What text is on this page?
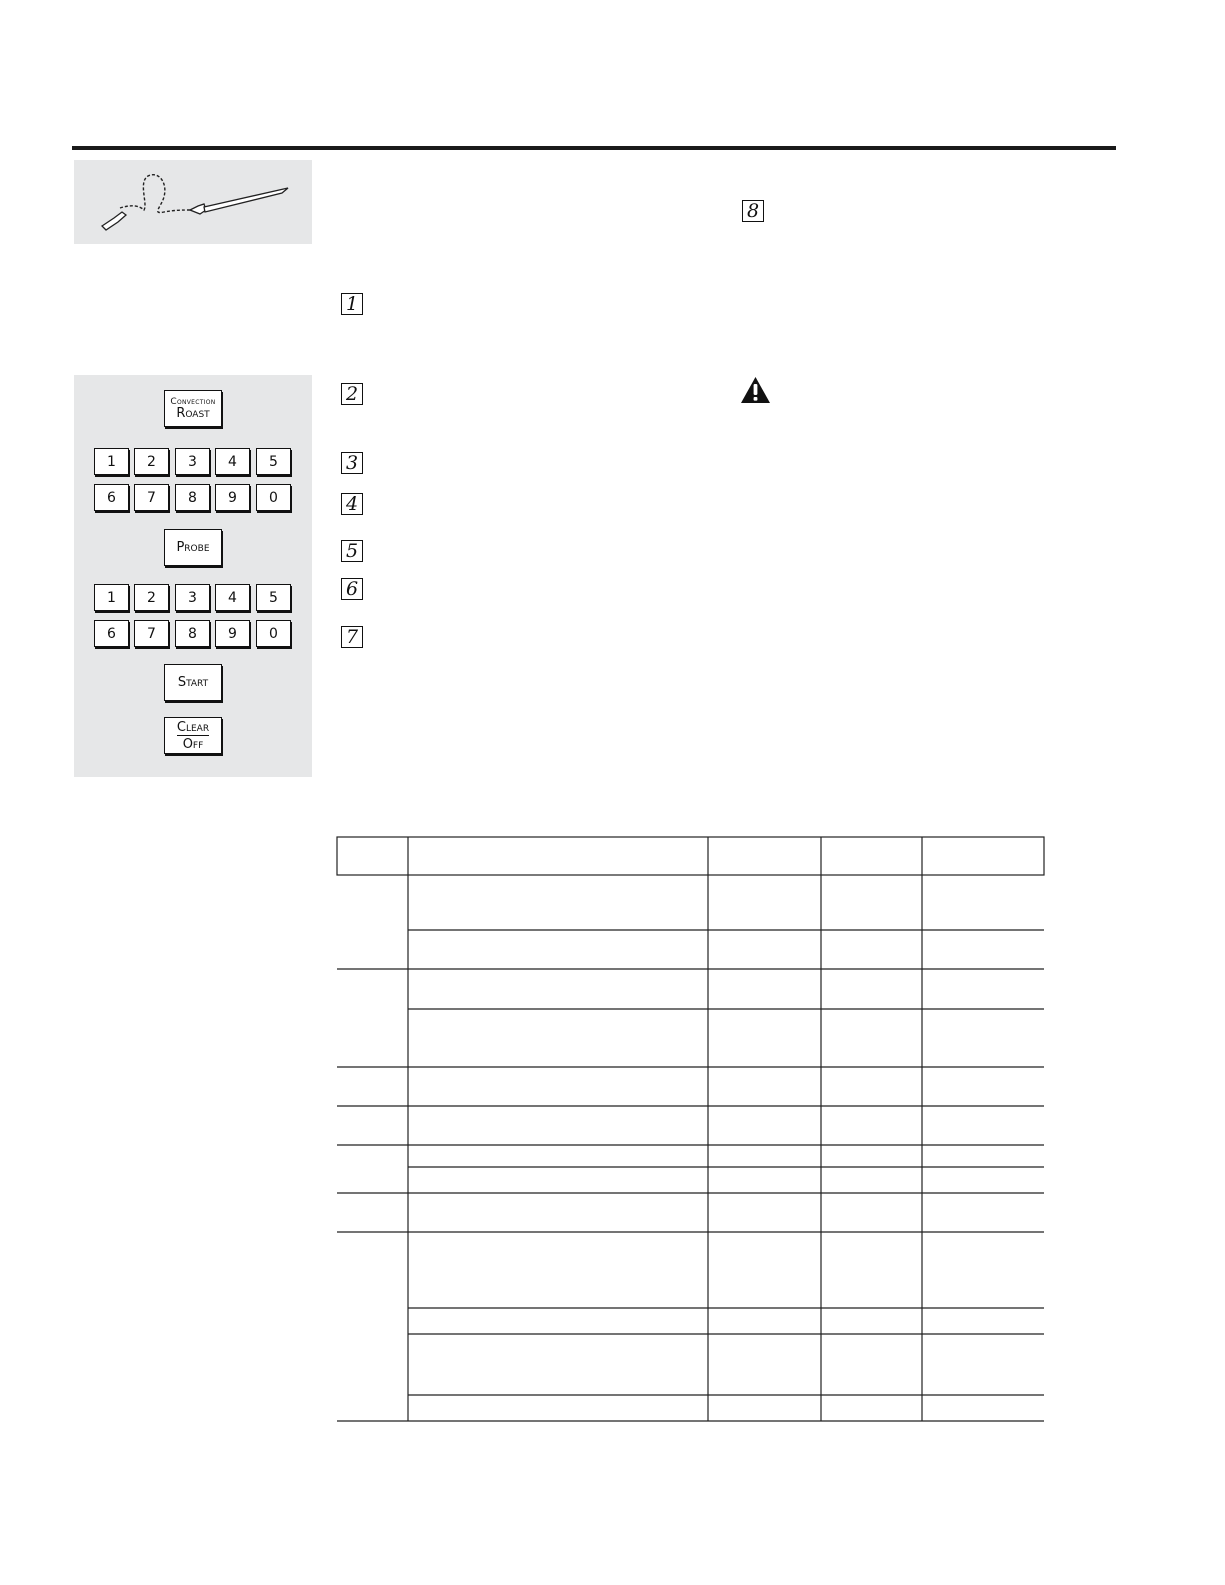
Convection
Roast
1	2	3	4	5
6	7	8	9	0
Probe
1	2	3	4	5
6	7	8	9	0
Start
Clear
Off
1
2
3
4
5
6
7
8
